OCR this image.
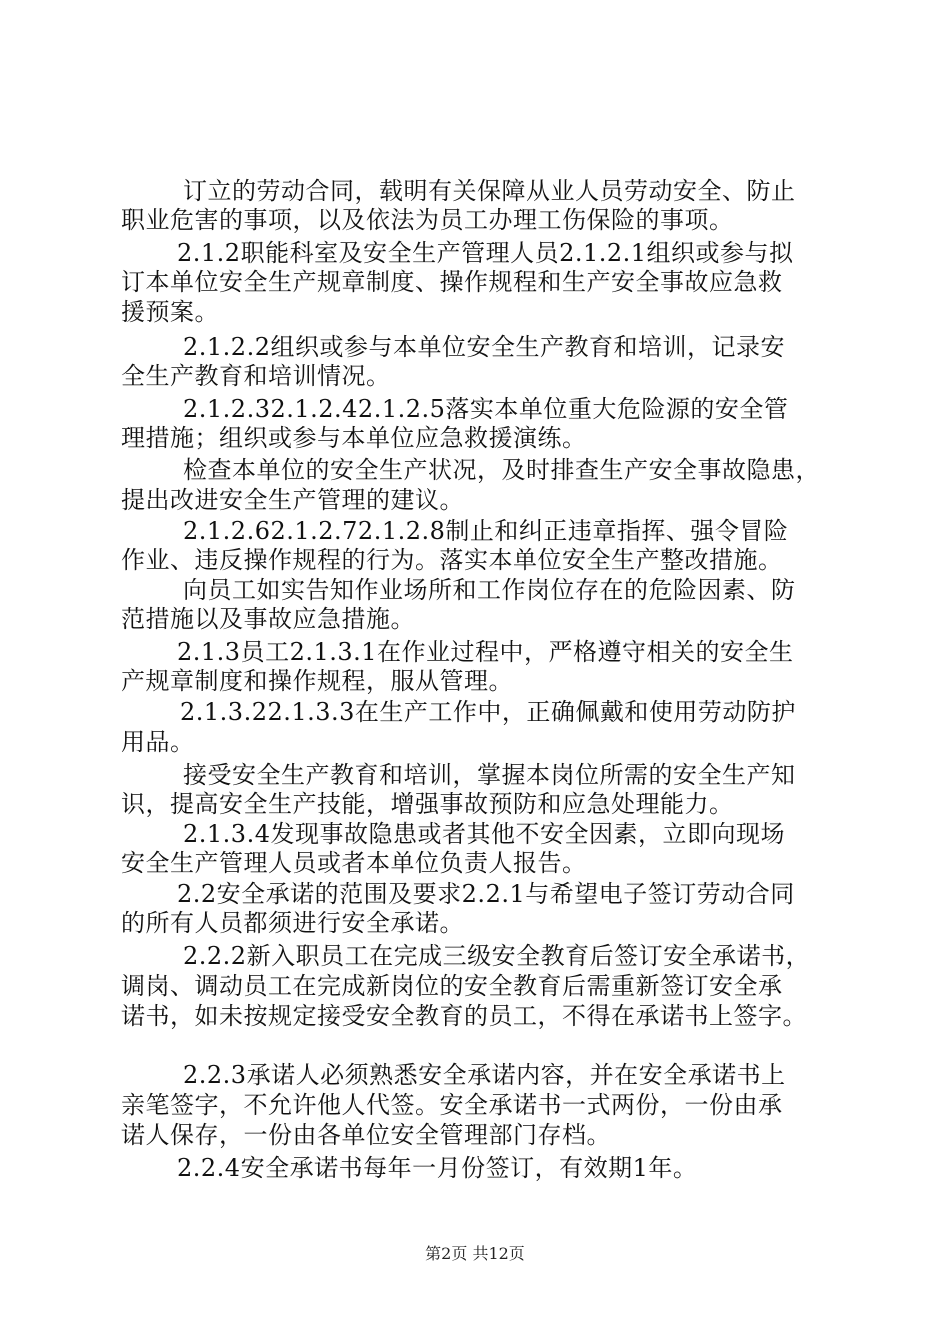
订立的劳动合同，载明有关保障从业人员劳动安全、防止
职业危害的事项，以及依法为员工办理工伤保险的事项。
2.1.2职能科室及安全生产管理人员2.1.2.1组织或参与拟
订本单位安全生产规章制度、操作规程和生产安全事故应急救
援预案。
2.1.2.2组织或参与本单位安全生产教育和培训，记录安
全生产教育和培训情况。
2.1.2.32.1.2.42.1.2.5落实本单位重大危险源的安全管
理措施；组织或参与本单位应急救援演练。
检查本单位的安全生产状况，及时排查生产安全事故隐患，
提出改进安全生产管理的建议。
2.1.2.62.1.2.72.1.2.8制止和纠正违章指挥、强令冒险
作业、违反操作规程的行为。落实本单位安全生产整改措施。
向员工如实告知作业场所和工作岗位存在的危险因素、防
范措施以及事故应急措施。
2.1.3员工2.1.3.1在作业过程中，严格遵守相关的安全生
产规章制度和操作规程，服从管理。
2.1.3.22.1.3.3在生产工作中，正确佩戴和使用劳动防护
用品。
接受安全生产教育和培训，掌握本岗位所需的安全生产知
识，提高安全生产技能，增强事故预防和应急处理能力。
2.1.3.4发现事故隐患或者其他不安全因素，立即向现场
安全生产管理人员或者本单位负责人报告。
2.2安全承诺的范围及要求2.2.1与希望电子签订劳动合同
的所有人员都须进行安全承诺。
2.2.2新入职员工在完成三级安全教育后签订安全承诺书，
调岗、调动员工在完成新岗位的安全教育后需重新签订安全承
诺书，如未按规定接受安全教育的员工，不得在承诺书上签字。
2.2.3承诺人必须熟悉安全承诺内容，并在安全承诺书上
亲笔签字，不允许他人代签。安全承诺书一式两份，一份由承
诺人保存，一份由各单位安全管理部门存档。
2.2.4安全承诺书每年一月份签订，有效期1年。
第2页 共12页
